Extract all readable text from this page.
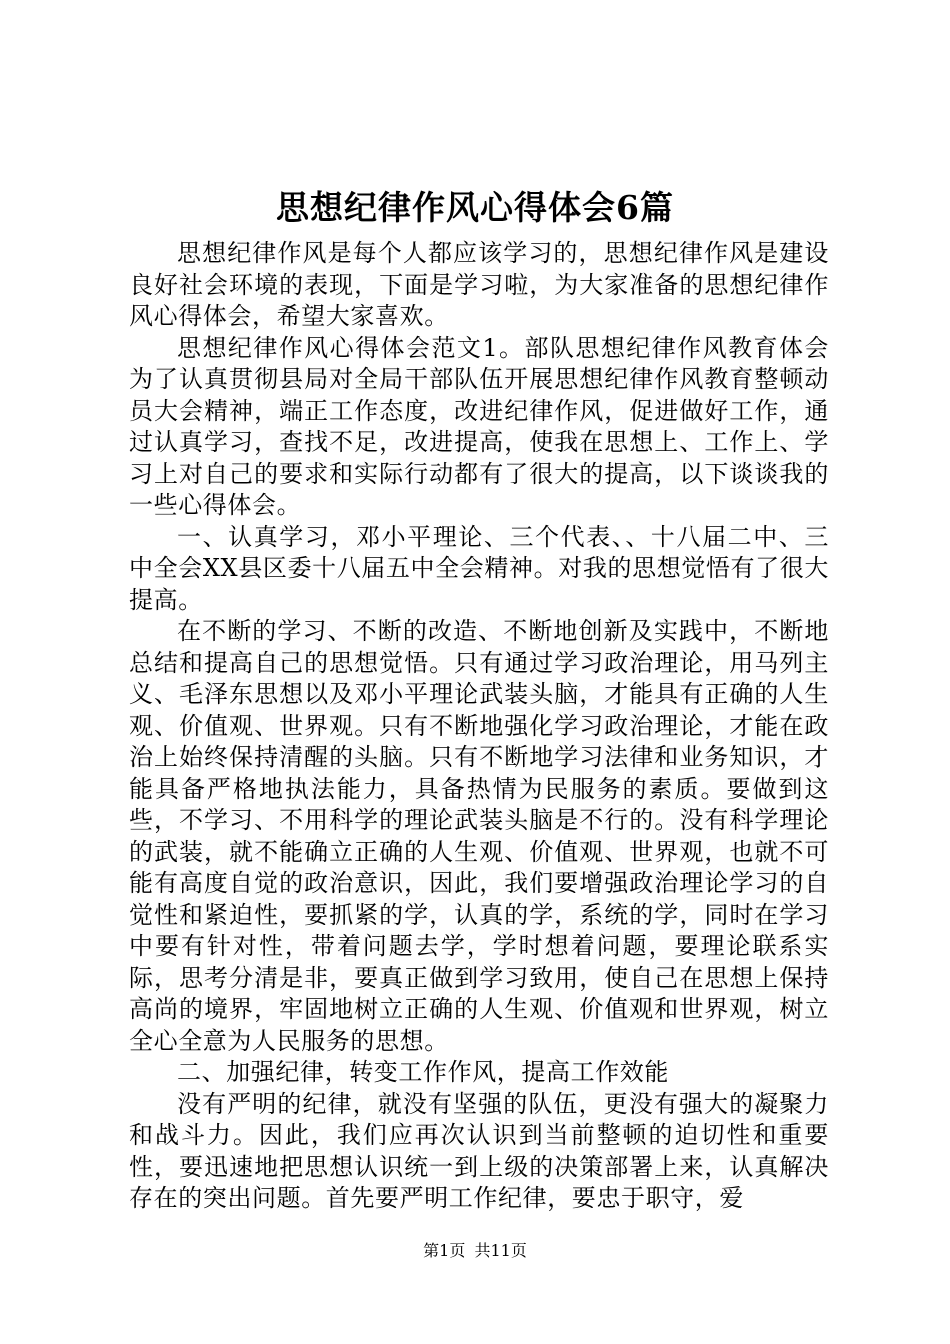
思想纪律作风心得体会6篇

思想纪律作风是每个人都应该学习的，思想纪律作风是建设良好社会环境的表现，下面是学习啦，为大家准备的思想纪律作风心得体会，希望大家喜欢。

思想纪律作风心得体会范文1。部队思想纪律作风教育体会为了认真贯彻县局对全局干部队伍开展思想纪律作风教育整顿动员大会精神，端正工作态度，改进纪律作风，促进做好工作，通过认真学习，查找不足，改进提高，使我在思想上、工作上、学习上对自己的要求和实际行动都有了很大的提高，以下谈谈我的一些心得体会。

一、认真学习，邓小平理论、三个代表、、十八届二中、三中全会XX县区委十八届五中全会精神。对我的思想觉悟有了很大提高。

在不断的学习、不断的改造、不断地创新及实践中，不断地总结和提高自己的思想觉悟。只有通过学习政治理论，用马列主义、毛泽东思想以及邓小平理论武装头脑，才能具有正确的人生观、价值观、世界观。只有不断地强化学习政治理论，才能在政治上始终保持清醒的头脑。只有不断地学习法律和业务知识，才能具备严格地执法能力，具备热情为民服务的素质。要做到这些，不学习、不用科学的理论武装头脑是不行的。没有科学理论的武装，就不能确立正确的人生观、价值观、世界观，也就不可能有高度自觉的政治意识，因此，我们要增强政治理论学习的自觉性和紧迫性，要抓紧的学，认真的学，系统的学，同时在学习中要有针对性，带着问题去学，学时想着问题，要理论联系实际，思考分清是非，要真正做到学习致用，使自己在思想上保持高尚的境界，牢固地树立正确的人生观、价值观和世界观，树立全心全意为人民服务的思想。

二、加强纪律，转变工作作风，提高工作效能

没有严明的纪律，就没有坚强的队伍，更没有强大的凝聚力和战斗力。因此，我们应再次认识到当前整顿的迫切性和重要性，要迅速地把思想认识统一到上级的决策部署上来，认真解决存在的突出问题。首先要严明工作纪律，要忠于职守，爱

第1页 共11页
